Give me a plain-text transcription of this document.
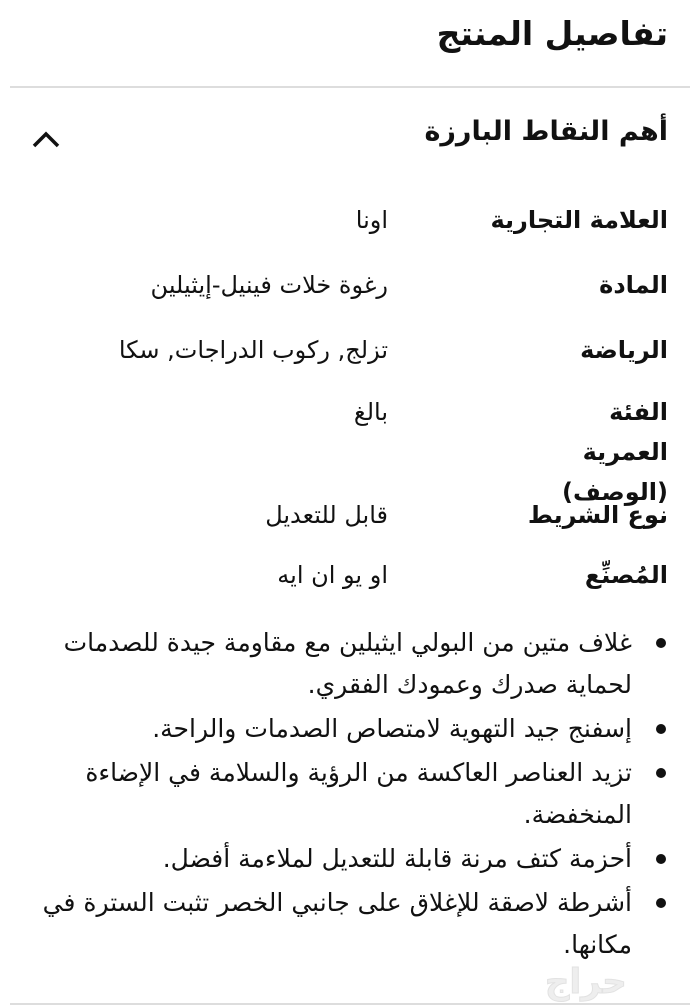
تفاصيل المنتج
أهم النقاط البارزة
العلامة التجارية
اونا
المادة
رغوة خلات فينيل-إيثيلين
الرياضة
تزلج, ركوب الدراجات, سكا
الفئة العمرية (الوصف)
بالغ
نوع الشريط
قابل للتعديل
المُصنِّع
او يو ان ايه
غلاف متين من البولي ايثيلين مع مقاومة جيدة للصدمات لحماية صدرك وعمودك الفقري.
إسفنج جيد التهوية لامتصاص الصدمات والراحة.
تزيد العناصر العاكسة من الرؤية والسلامة في الإضاءة المنخفضة.
أحزمة كتف مرنة قابلة للتعديل لملاءمة أفضل.
أشرطة لاصقة للإغلاق على جانبي الخصر تثبت السترة في مكانها.
حراج
